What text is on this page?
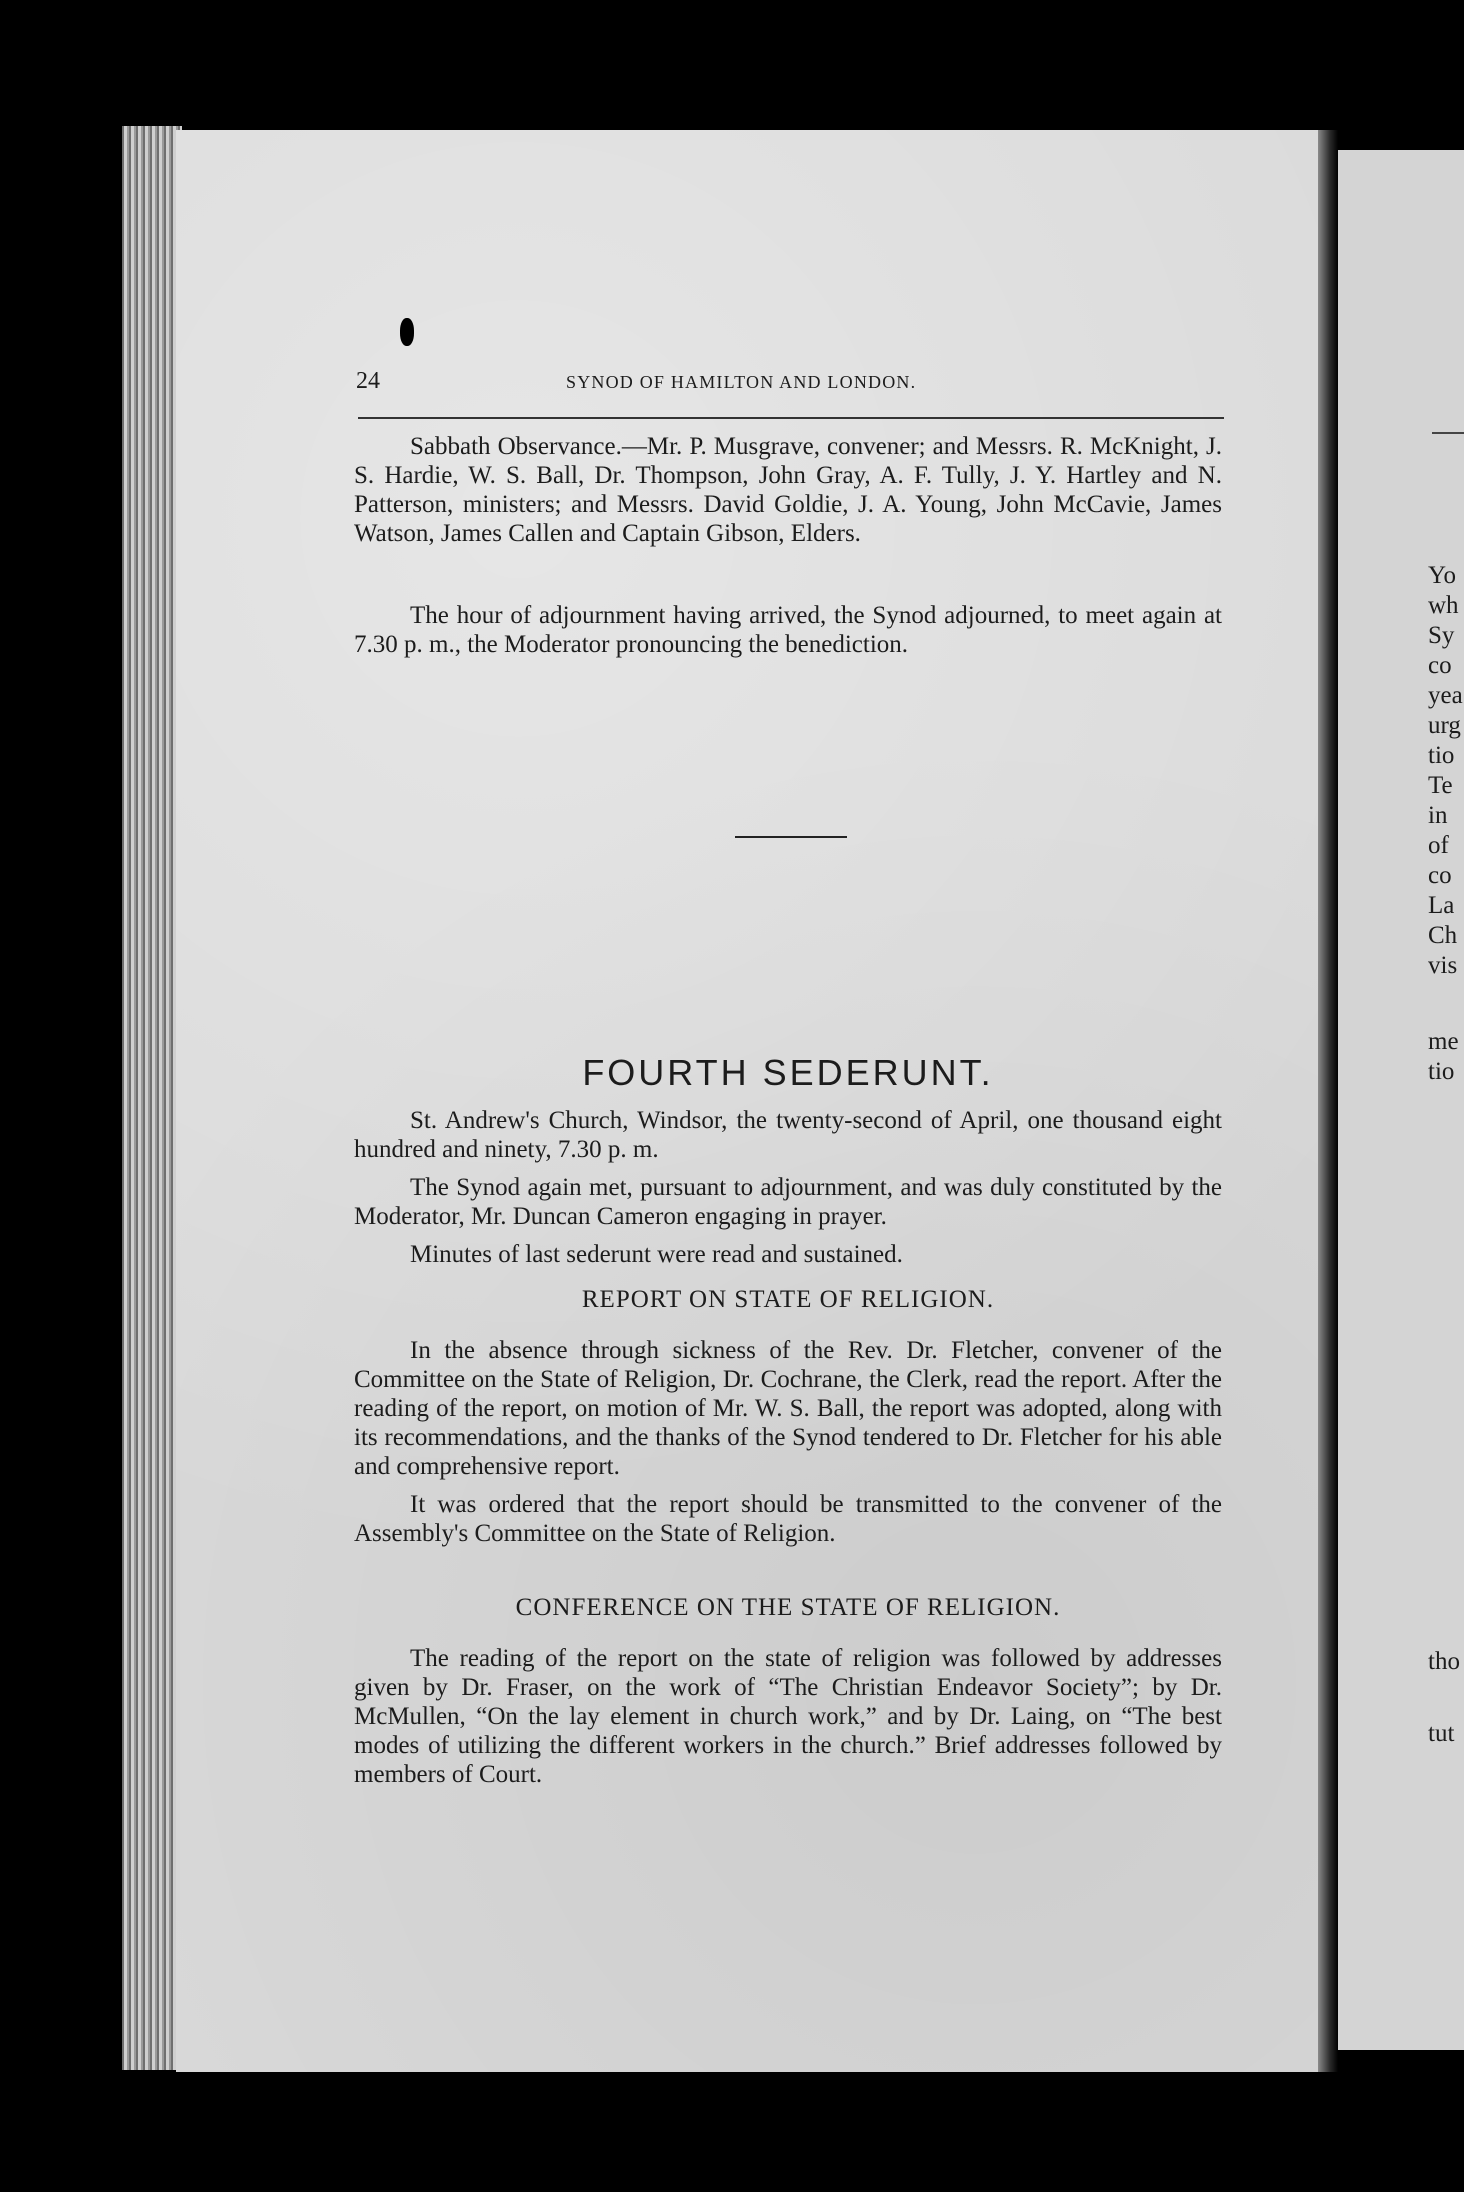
Yo
wh
Sy
co
yea
urg
tio
Te
in
of
co
La
Ch
vis
me
tio
tho
tut
24	SYNOD OF HAMILTON AND LONDON.

Sabbath Observance.—Mr. P. Musgrave, convener; and Messrs. R. McKnight, J. S. Hardie, W. S. Ball, Dr. Thompson, John Gray, A. F. Tully, J. Y. Hartley and N. Patterson, ministers; and Messrs. David Goldie, J. A. Young, John McCavie, James Watson, James Callen and Captain Gibson, Elders.

The hour of adjournment having arrived, the Synod adjourned, to meet again at 7.30 p. m., the Moderator pronouncing the benediction.

FOURTH SEDERUNT.

St. Andrew's Church, Windsor, the twenty-second of April, one thousand eight hundred and ninety, 7.30 p. m.

The Synod again met, pursuant to adjournment, and was duly constituted by the Moderator, Mr. Duncan Cameron engaging in prayer.

Minutes of last sederunt were read and sustained.

REPORT ON STATE OF RELIGION.

In the absence through sickness of the Rev. Dr. Fletcher, convener of the Committee on the State of Religion, Dr. Cochrane, the Clerk, read the report. After the reading of the report, on motion of Mr. W. S. Ball, the report was adopted, along with its recommendations, and the thanks of the Synod tendered to Dr. Fletcher for his able and comprehensive report.

It was ordered that the report should be transmitted to the convener of the Assembly's Committee on the State of Religion.

CONFERENCE ON THE STATE OF RELIGION.

The reading of the report on the state of religion was followed by addresses given by Dr. Fraser, on the work of “The Christian Endeavor Society”; by Dr. McMullen, “On the lay element in church work,” and by Dr. Laing, on “The best modes of utilizing the different workers in the church.” Brief addresses followed by members of Court.
